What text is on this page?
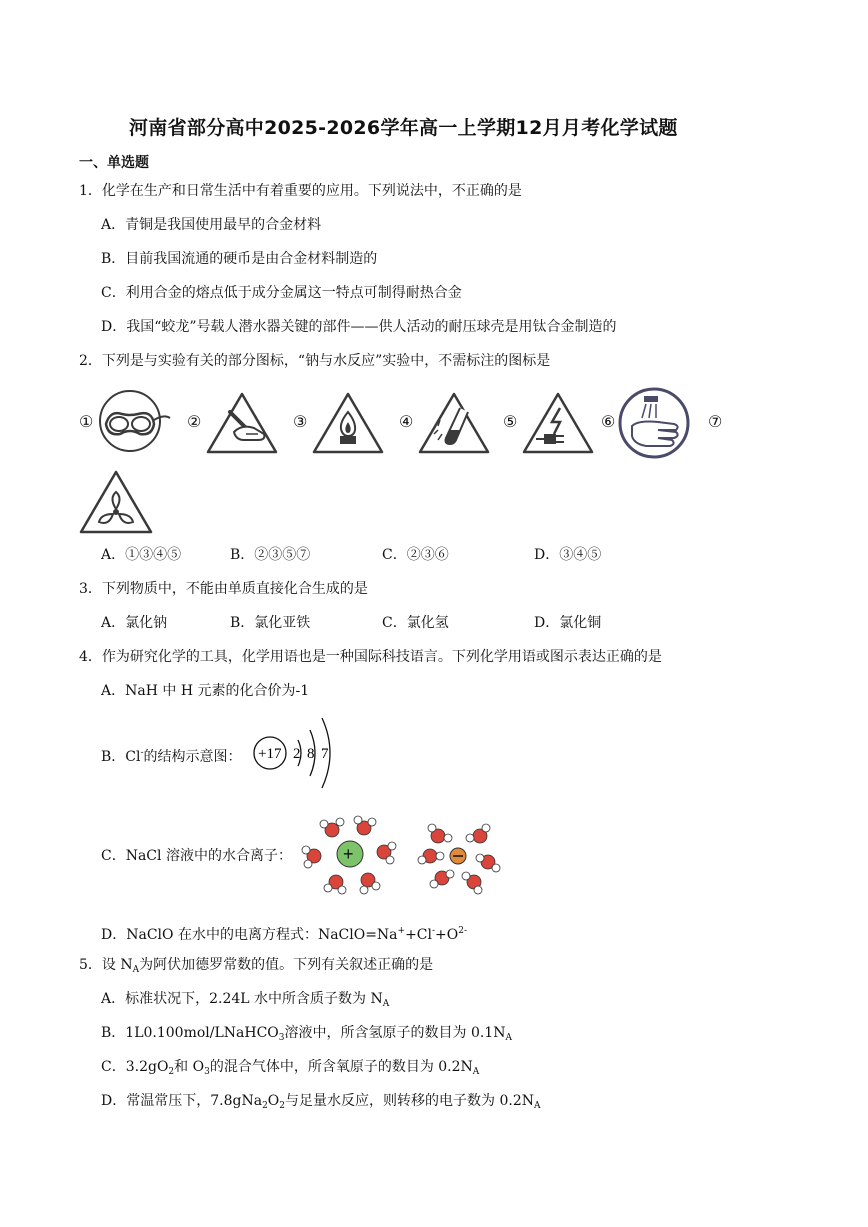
河南省部分高中2025-2026学年高一上学期12月月考化学试题
一、单选题
1．化学在生产和日常生活中有着重要的应用。下列说法中，不正确的是
A．青铜是我国使用最早的合金材料
B．目前我国流通的硬币是由合金材料制造的
C．利用合金的熔点低于成分金属这一特点可制得耐热合金
D．我国“蛟龙”号载人潜水器关键的部件——供人活动的耐压球壳是用钛合金制造的
2．下列是与实验有关的部分图标，“钠与水反应”实验中，不需标注的图标是
①	②	③	④	⑤	⑥	⑦
A．①③④⑤	B．②③⑤⑦	C．②③⑥	D．③④⑤
3．下列物质中，不能由单质直接化合生成的是
A．氯化钠	B．氯化亚铁	C．氯化氢	D．氯化铜
4．作为研究化学的工具，化学用语也是一种国际科技语言。下列化学用语或图示表达正确的是
A．NaH 中 H 元素的化合价为-1
B．Cl-的结构示意图： +17 2 8 7
C．NaCl 溶液中的水合离子：	+
D．NaClO 在水中的电离方程式：$NaClO=Na^++Cl^-+O^{2-}$
5．设 $N_A$为阿伏加德罗常数的值。下列有关叙述正确的是
A．标准状况下，2.24L 水中所含质子数为 $N_A$
B．1L0.100mol/LNaHCO$_3$溶液中，所含氢原子的数目为 $0.1N_A$
C．$3.2gO_2$和 $O_3$的混合气体中，所含氧原子的数目为 $0.2N_A$
D．常温常压下，$7.8gNa_2O_2$与足量水反应，则转移的电子数为 $0.2N_A$
